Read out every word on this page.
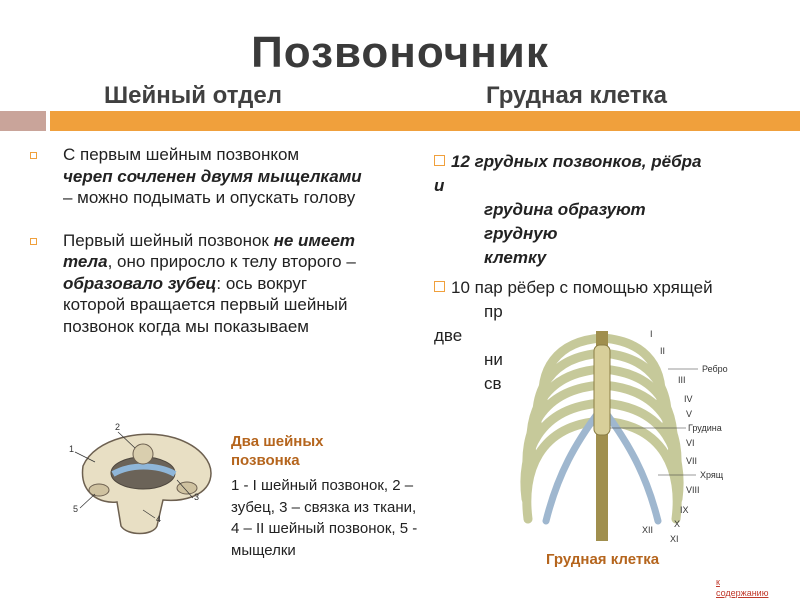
Позвоночник
Шейный отдел	Грудная клетка
С первым шейным позвонком
череп сочленен двумя мыщелками – можно подымать и опускать голову
Первый шейный позвонок не имеет тела, оно приросло к телу второго – образовало зубец: ось вокруг которой вращается первый шейный позвонок когда мы показываем
12 грудных позвонков, рёбра и
грудина образуют грудную
клетку
10 пар рёбер с помощью хрящей
пр
две
ни
св
1
2
3
4
5
Два шейных позвонка
1 - I шейный позвонок, 2 – зубец, 3 – связка из ткани, 4 – II шейный позвонок, 5 - мыщелки
I
II
III
IV
V
VI
VII
VIII
IX
X
XI
XII
Ребро
Грудина
Хрящ
Грудная клетка
к
содержанию
